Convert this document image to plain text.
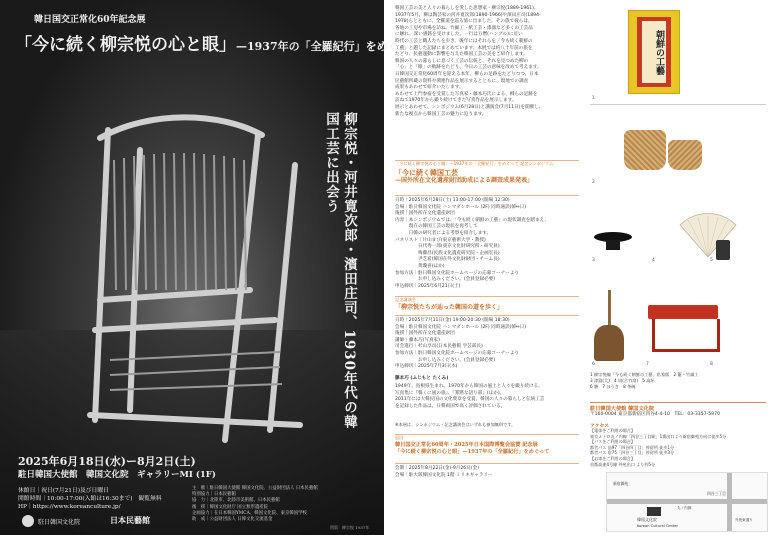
韓日国交正常化60年記念展
「今に続く柳宗悦の心と眼」—1937年の「全羅紀行」をめぐって
柳宗悦・河井寛次郎・濱田庄司、1930年代の韓国工芸に出会う
2025年6月18日(水)ー8月2日(土)
駐日韓国大使館　韓国文化院　ギャラリーMI (1F)
休館日｜祝日(7月21日)及び日曜日
開館時間｜10:00-17:00(入館は16:30まで)　観覧無料
HP｜https://www.koreanculture.jp/
主　催｜駐日韓国大使館 韓国文化院、公益財団法人 日本民藝館
特別協力｜日本民藝館
協　力｜北陸市、北陸市美術館、日本民藝館
後　援｜韓国文化財庁 国立無形遺産院
企画協力｜在日本韓国YMCA、韓国文化院、東京韓国学校
助　成｜公益財団法人 日韓文化交流基金
駐日韓国文化院	日本民藝館
図版：柳宗悦 1937年
韓国工芸の美と人々の暮らしを愛した思想家・柳宗悦(1889-1961)。
1937年5月、柳は陶芸家の河井寛次郎(1890-1966)や濱田庄司(1894-
1978)らとともに、全羅道を巡る旅に出ました。その旅で彼らは、
各地の工房や市場を訪ね、竹細工・紙工芸・漆器など多くの工芸品
に触れ、深い感銘を受けました。一行は万暦(ハングル)に近い
時代の工芸と職人たちを歩き、後年にはそれらを「今も続く朝鮮の
工藝」と題した記録にまとめています。本展では約八十年前の旅を
たどり、民藝運動に影響を与えた韓国工芸の美をご紹介します。
韓国の人々の暮らしに息づく工芸の伝統と、それを見つめた柳の
「心」と「眼」の軌跡をたどり、今日の工芸の意味を改めて考えます。
日韓国交正常化60周年を迎える本年、柳らの足跡をたどりつつ、日本
民藝館所蔵の資料や関連作品を展示するとともに、現地での調査
成果もあわせて紹介いたします。
あわせて上門参宿を受賞した写真家・藤本巧氏による、柳らの足跡を
訪ねて1970年から撮り続けてきた写真作品を展示します。
展示とあわせて、シンポジウム(6月28日)と講演会(7月11日)を開催し、
新たな視点から韓国工芸の魅力に迫ります。
「今に続く柳宗悦の心と眼」—1937年の「全羅紀行」をめぐって 記念シンポジウム
「今に続く韓国工芸
—国外所在文化遺産財団助成による調査成果発表」
日時｜2025年6月28日(土) 13:00-17:00 (開場 12:30)
会場｜駐日韓国文化院 ハンマダンホール (2F) 同時通訳(韓⇔日)
後援｜国外所在文化遺産財団
内容｜本シンポジウムでは、「今も続く朝鮮の工藝」の現状調査を踏まえ、
　　　現在の韓国工芸の現状を再考して
　　　日韓の研究者による考察を紹介します。
パネリスト｜片山まび(東京藝術大学・教授)
　　　　　日代秀一郎(東京文化財研究所・研究員)
　　　　　梅藤昌(民族文化遺産研究院・企画室長)
　　　　　尹芝希(韓国在外文化財財団・チーム長)
　　　　　黄瓊喜(ほか)
参加方法｜駐日韓国文化院ホームページの応募コーナーより
　　　　　お申し込みください。(会員登録必要)
申込締切｜2025年6月21日(土)
記念講演会
「柳宗悦たちが辿った韓国の道を歩く」
日時｜2025年7月11日(金) 19:00-20:30 (開場 18:30)
会場｜駐日韓国文化院 ハンマダンホール (2F) 同時通訳(韓⇔日)
後援｜国外所在文化遺産財団
講師｜藤本巧(写真家)
司会進行｜杉山享司(日本民藝館 学芸部長)
参加方法｜駐日韓国文化院ホームページの応募コーナーより
　　　　　お申し込みください。(会員登録必要)
申込締切｜2025年7月3日(木)
藤本巧 (ふじもと たくみ)
1949年、島根県生まれ。1970年から韓国の風土と人々を撮り続ける。
写真集に『韓くに風の旅』、『寡黙な語り部』(ほか)。
2011年には大韓民国の文化褒章を受賞。韓国の人々の暮らしと伝統工芸
を記録した作品は、日韓両国で高く評価されている。
※本展は、シンポジウム・記念講演会はいずれも参加無料です。
巡回
韓日国交正常化60周年・2025年日本国際博覧会協賛 記念展
「今に続く柳宗悦の心と眼」—1937年の「全羅紀行」をめぐって
会期｜2025年8月22日(金)-9月26日(金)
会場｜駐大阪韓国文化院 1階 ミリネギャラリー
朝鮮の工藝
1
2
3	4	5
6	7	8
1 柳宗悦編「今も続く朝鮮の工藝」私家版　2 籠・竹細工
3 漆器(大)　4 扇(合竹扇)　5 高坏
6 膳　7 ほうき　8 茶碗
駐日韓国大使館 韓国文化院
〒160-0004 東京都新宿区四谷4-4-10　TEL：03-3357-5970
アクセス
【電車をご利用の場合】
東京メトロ丸ノ内線「四谷三丁目駅」1番出口より新宿御苑方向に徒歩5分
【バスをご利用の場合】
都営バス 品97「四谷四丁目」停留所 徒歩1分
都営バス 宿75「四谷三丁目」停留所 徒歩3分
【お車をご利用の場合】
首都高速4号線 外苑出口 より約5分
韓国文化院
Korean Cultural Center
四谷三丁目
新宿御苑
外苑東通り
丸ノ内線
